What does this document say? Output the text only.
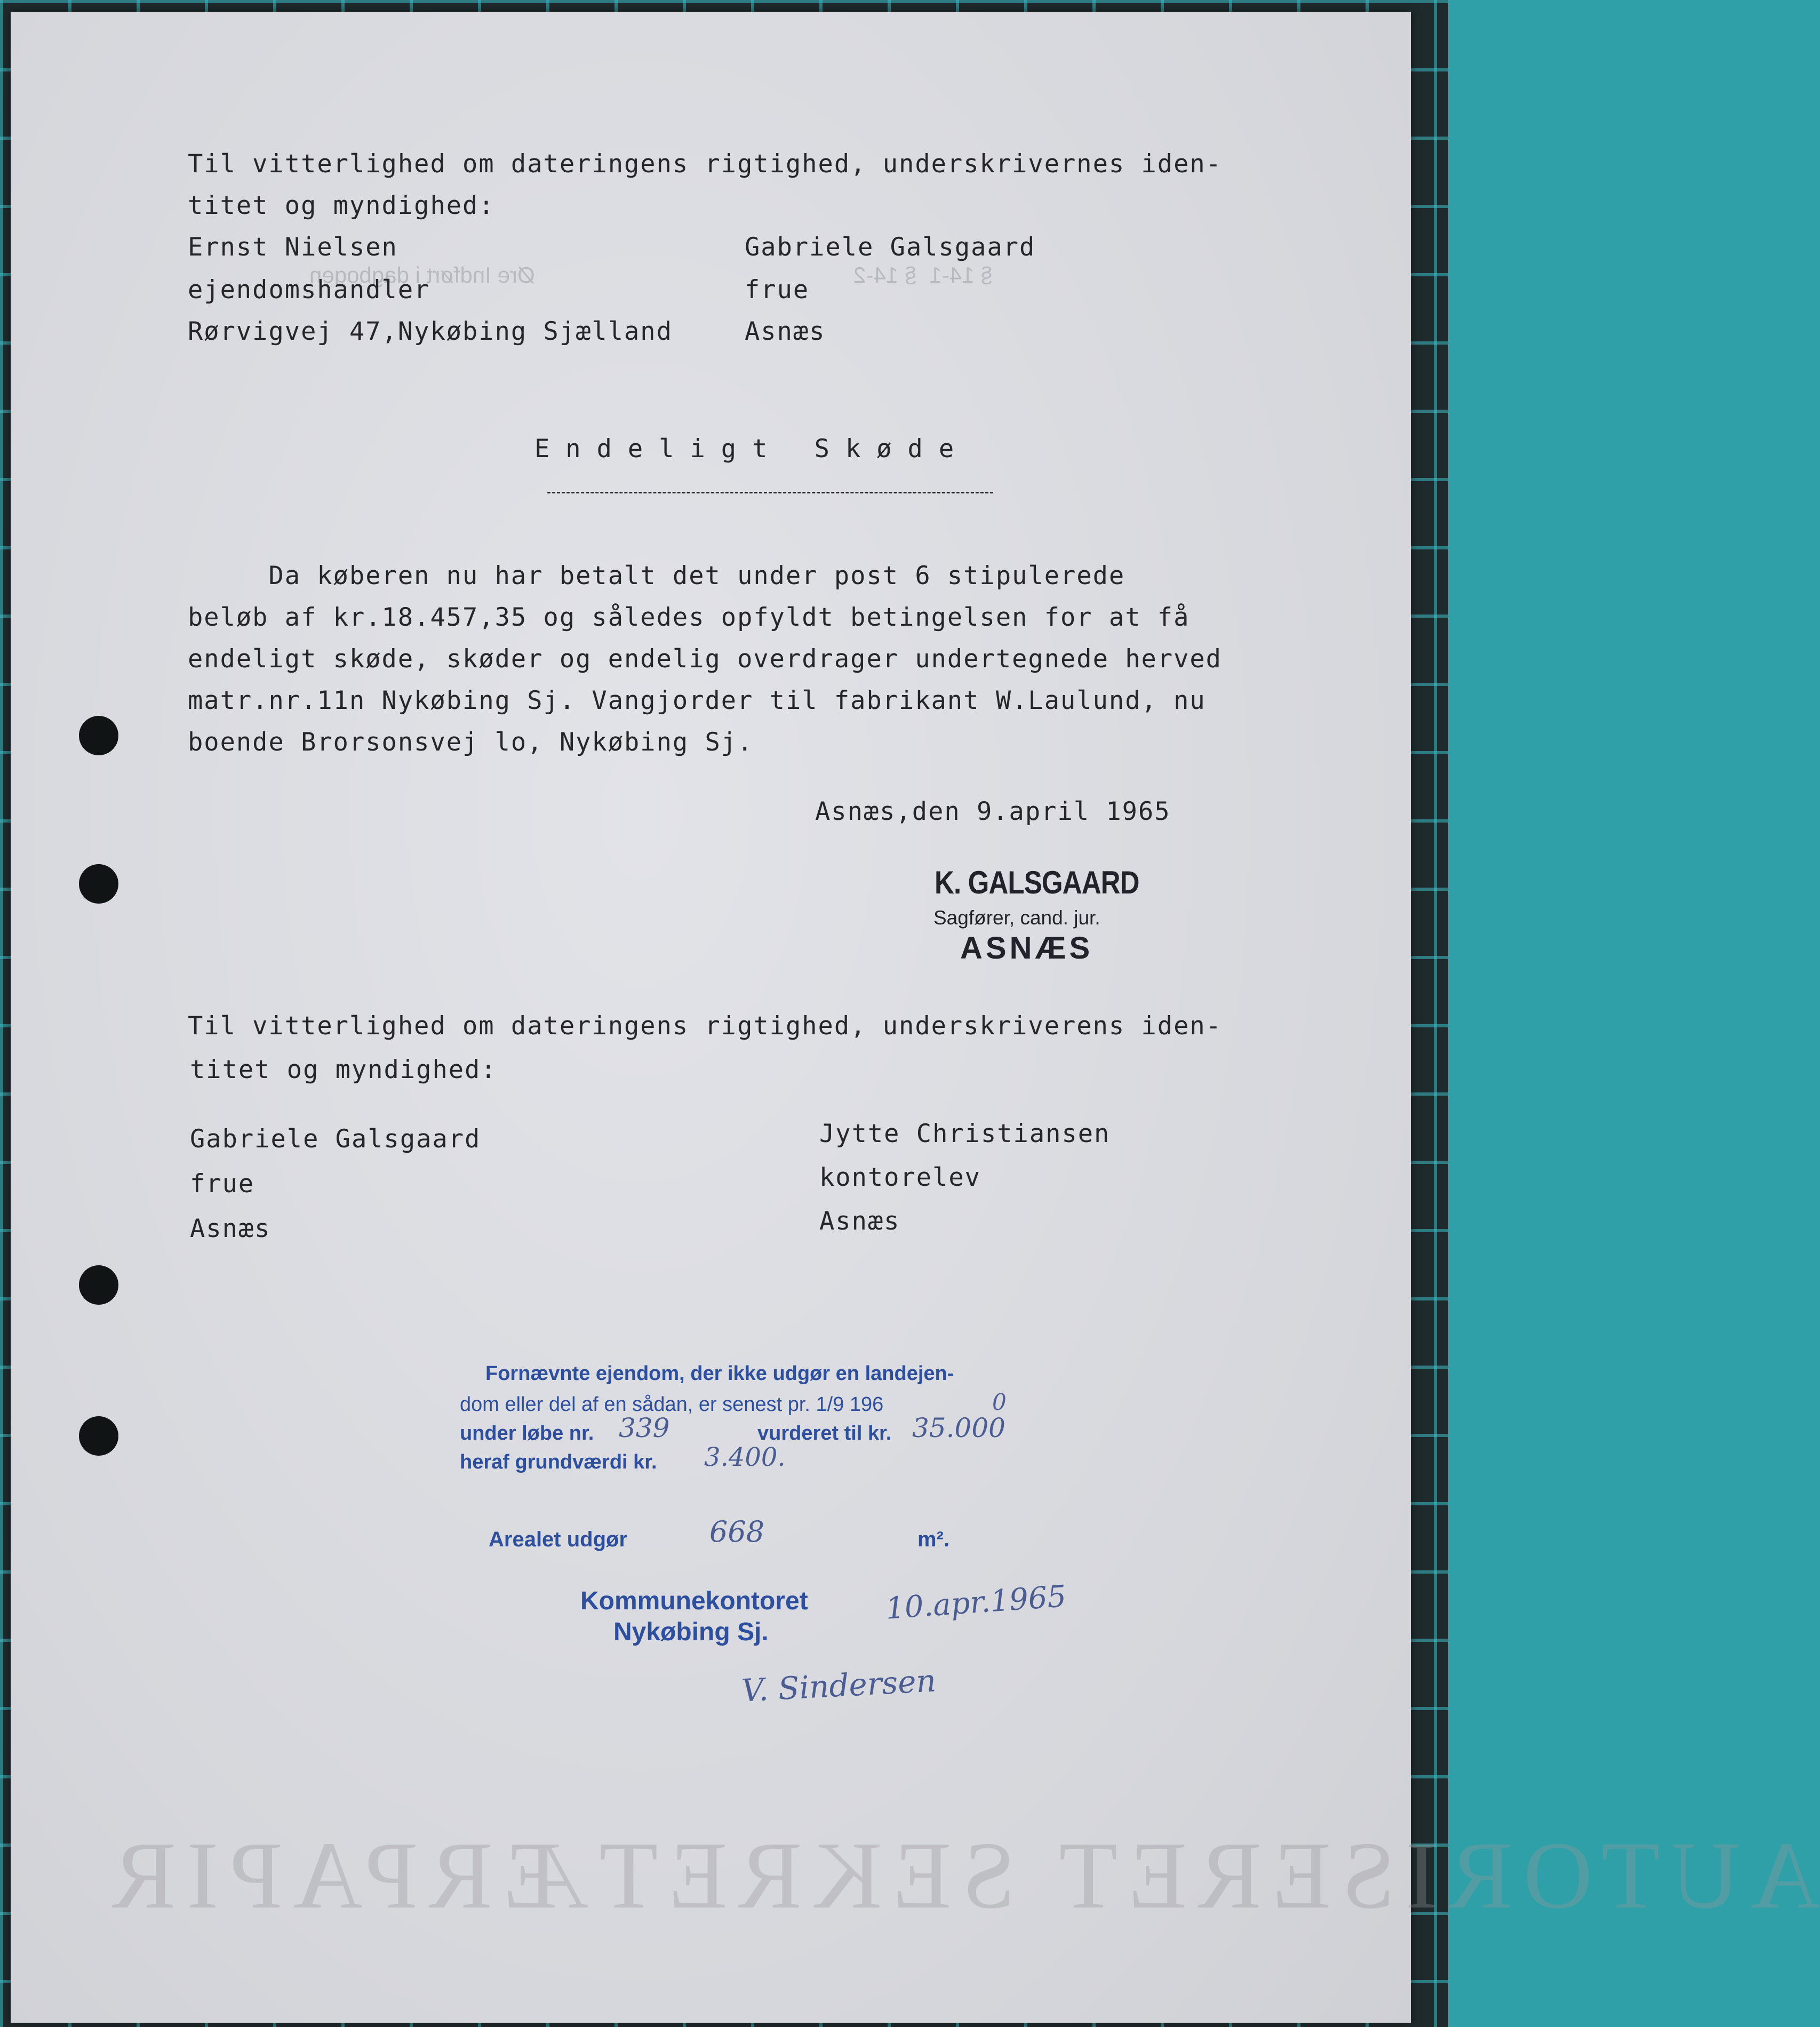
Øre Indført i dagbogen	§ 14-1  § 14-2
Til vitterlighed om dateringens rigtighed, underskrivernes iden-
titet og myndighed:
Ernst Nielsen
ejendomshandler
Rørvigvej 47,Nykøbing Sjælland
Gabriele Galsgaard
frue
Asnæs
Endeligt Skøde
Da køberen nu har betalt det under post 6 stipulerede
beløb af kr.18.457,35 og således opfyldt betingelsen for at få
endeligt skøde, skøder og endelig overdrager undertegnede herved
matr.nr.11n Nykøbing Sj. Vangjorder til fabrikant W.Laulund, nu
boende Brorsonsvej lo, Nykøbing Sj.
Asnæs,den 9.april 1965
K. GALSGAARD
Sagfører, cand. jur.
ASNÆS
Til vitterlighed om dateringens rigtighed, underskriverens iden-
titet og myndighed:
Gabriele Galsgaard
frue
Asnæs
Jytte Christiansen
kontorelev
Asnæs
Fornævnte ejendom, der ikke udgør en landejen-
dom eller del af en sådan, er senest pr. 1/9 196	0
under løbe nr. 339	vurderet til kr. 35.000
heraf grundværdi kr. 3.400.
Arealet udgør	668	m².
Kommunekontoret
Nykøbing Sj.
10.apr.1965
V. Sindersen
AUTORISERET SEKRETÆRPAPIR
